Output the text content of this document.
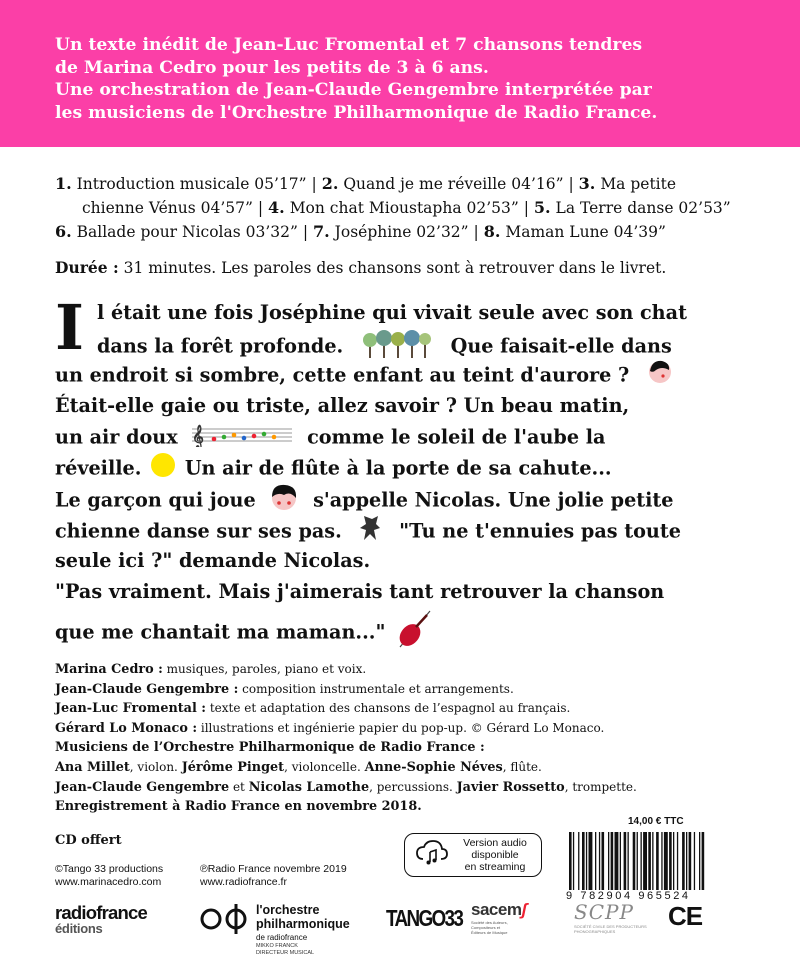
Un texte inédit de Jean-Luc Fromental et 7 chansons tendres
de Marina Cedro pour les petits de 3 à 6 ans.
Une orchestration de Jean-Claude Gengembre interprétée par
les musiciens de l'Orchestre Philharmonique de Radio France.
1. Introduction musicale 05’17” | 2. Quand je me réveille 04’16” | 3. Ma petite
chienne Vénus 04’57” | 4. Mon chat Mioustapha 02’53” | 5. La Terre danse 02’53”
6. Ballade pour Nicolas 03’32” | 7. Joséphine 02’32” | 8. Maman Lune 04’39”
Durée : 31 minutes. Les paroles des chansons sont à retrouver dans le livret.
I l était une fois Joséphine qui vivait seule avec son chat
dans la forêt profonde.	Que faisait-elle dans
un endroit si sombre, cette enfant au teint d'aurore ?
Était-elle gaie ou triste, allez savoir ? Un beau matin,
un air doux 𝄞	comme le soleil de l'aube la
réveille. Un air de flûte à la porte de sa cahute...
Le garçon qui joue	s'appelle Nicolas. Une jolie petite
chienne danse sur ses pas.	"Tu ne t'ennuies pas toute
seule ici ?" demande Nicolas.
"Pas vraiment. Mais j'aimerais tant retrouver la chanson
que me chantait ma maman..."
Marina Cedro : musiques, paroles, piano et voix.
Jean-Claude Gengembre : composition instrumentale et arrangements.
Jean-Luc Fromental : texte et adaptation des chansons de l’espagnol au français.
Gérard Lo Monaco : illustrations et ingénierie papier du pop-up. © Gérard Lo Monaco.
Musiciens de l’Orchestre Philharmonique de Radio France :
Ana Millet, violon. Jérôme Pinget, violoncelle. Anne-Sophie Néves, flûte.
Jean-Claude Gengembre et Nicolas Lamothe, percussions. Javier Rossetto, trompette.
Enregistrement à Radio France en novembre 2018.
CD offert
©Tango 33 productions
www.marinacedro.com
℗Radio France novembre 2019
www.radiofrance.fr
Version audio
disponible
en streaming
14,00 € TTC
9 782904 965524
radiofrance
éditions
l'orchestre
philharmonique
de radiofrance
MIKKO FRANCK
DIRECTEUR MUSICAL
TANGO33 sacemʃ
Société des Auteurs,
Compositeurs et
Éditeurs de Musique
SCPP
SOCIÉTÉ CIVILE DES PRODUCTEURS
PHONOGRAPHIQUES
CE
